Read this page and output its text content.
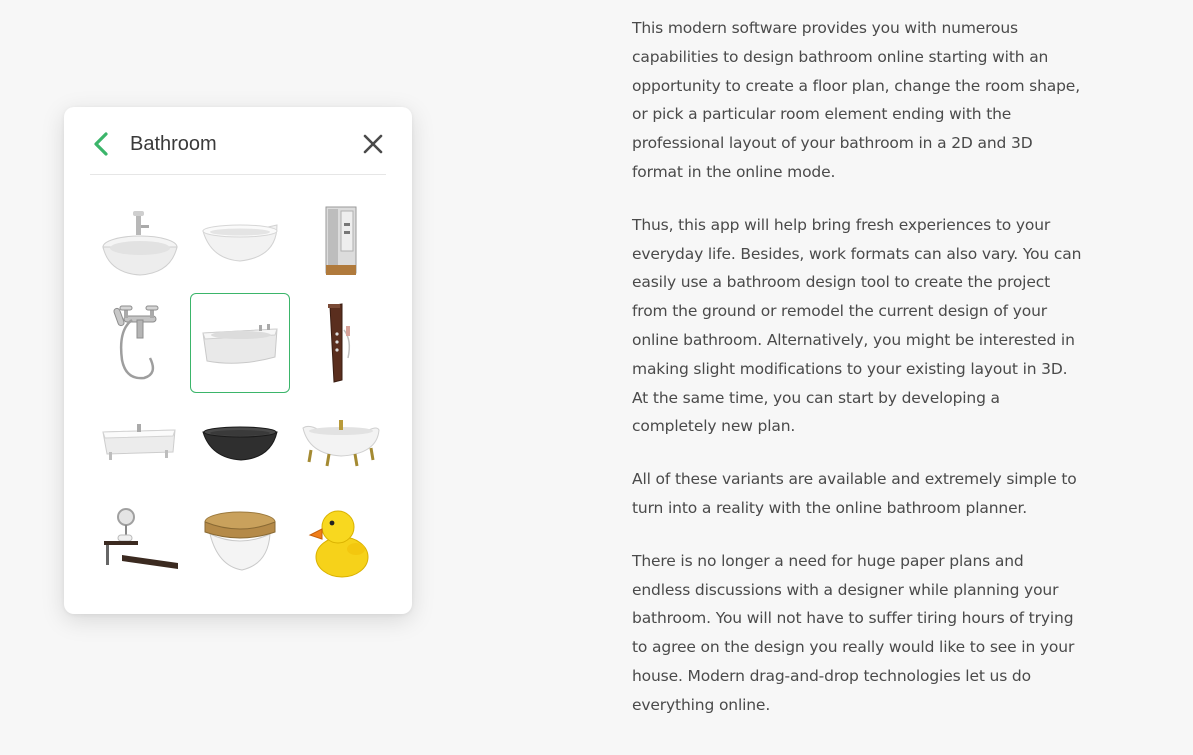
Bathroom

This modern software provides you with numerous capabilities to design bathroom online starting with an opportunity to create a floor plan, change the room shape, or pick a particular room element ending with the professional layout of your bathroom in a 2D and 3D format in the online mode.

Thus, this app will help bring fresh experiences to your everyday life. Besides, work formats can also vary. You can easily use a bathroom design tool to create the project from the ground or remodel the current design of your online bathroom. Alternatively, you might be interested in making slight modifications to your existing layout in 3D. At the same time, you can start by developing a completely new plan.

All of these variants are available and extremely simple to turn into a reality with the online bathroom planner.

There is no longer a need for huge paper plans and endless discussions with a designer while planning your bathroom. You will not have to suffer tiring hours of trying to agree on the design you really would like to see in your house. Modern drag-and-drop technologies let us do everything online.
